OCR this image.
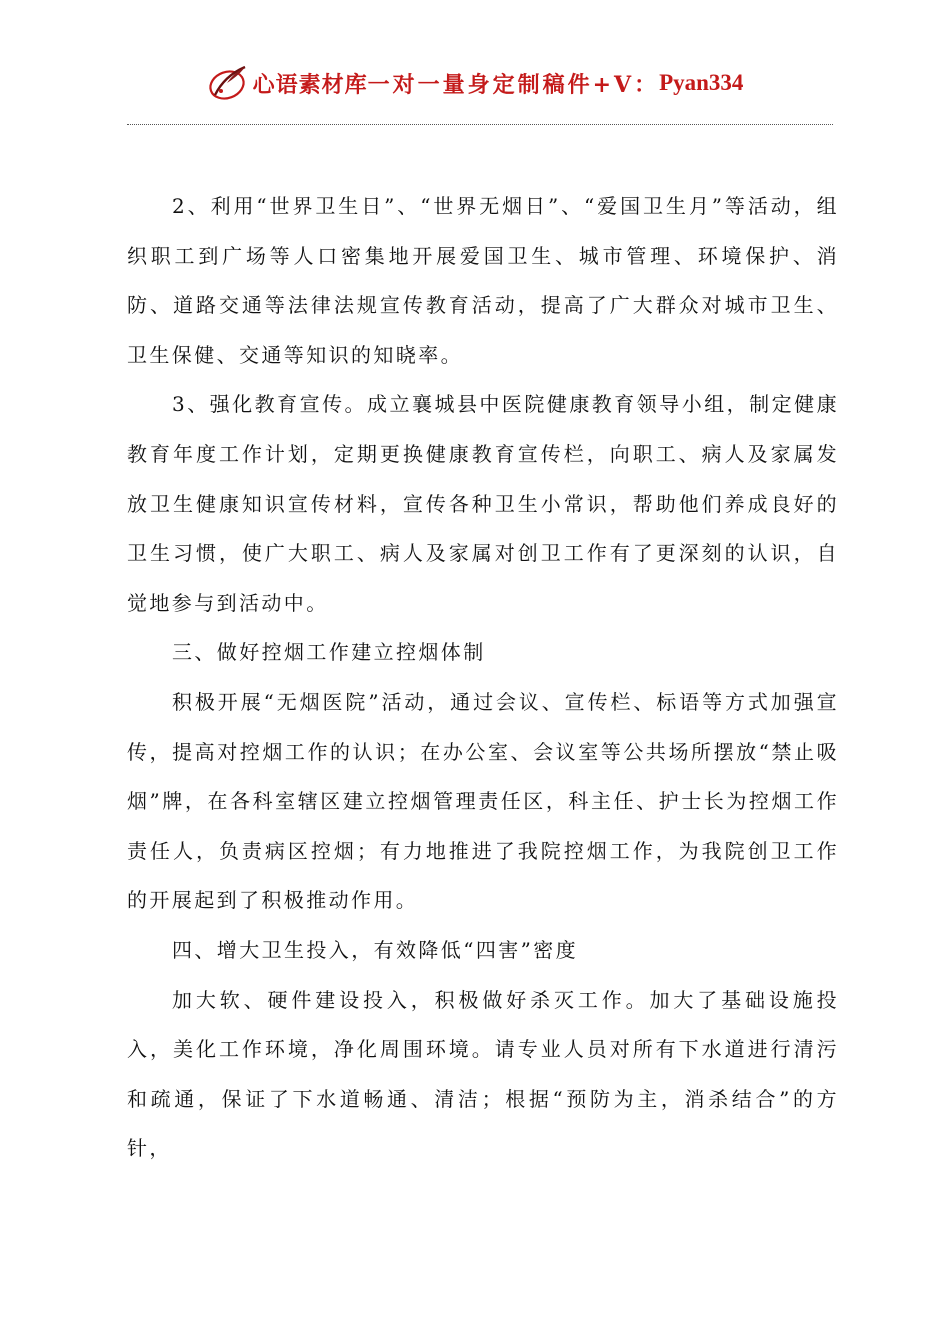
心语素材库 一对一量身定制稿件+V： Pyan334

2、利用“世界卫生日”、“世界无烟日”、“爱国卫生月”等活动，组织职工到广场等人口密集地开展爱国卫生、城市管理、环境保护、消防、道路交通等法律法规宣传教育活动，提高了广大群众对城市卫生、卫生保健、交通等知识的知晓率。

3、强化教育宣传。成立襄城县中医院健康教育领导小组，制定健康教育年度工作计划，定期更换健康教育宣传栏，向职工、病人及家属发放卫生健康知识宣传材料，宣传各种卫生小常识，帮助他们养成良好的卫生习惯，使广大职工、病人及家属对创卫工作有了更深刻的认识，自觉地参与到活动中。

三、做好控烟工作建立控烟体制

积极开展“无烟医院”活动，通过会议、宣传栏、标语等方式加强宣传，提高对控烟工作的认识；在办公室、会议室等公共场所摆放“禁止吸烟”牌，在各科室辖区建立控烟管理责任区，科主任、护士长为控烟工作责任人，负责病区控烟；有力地推进了我院控烟工作，为我院创卫工作的开展起到了积极推动作用。

四、增大卫生投入，有效降低“四害”密度

加大软、硬件建设投入，积极做好杀灭工作。加大了基础设施投入，美化工作环境，净化周围环境。请专业人员对所有下水道进行清污和疏通，保证了下水道畅通、清洁；根据“预防为主，消杀结合”的方针，
